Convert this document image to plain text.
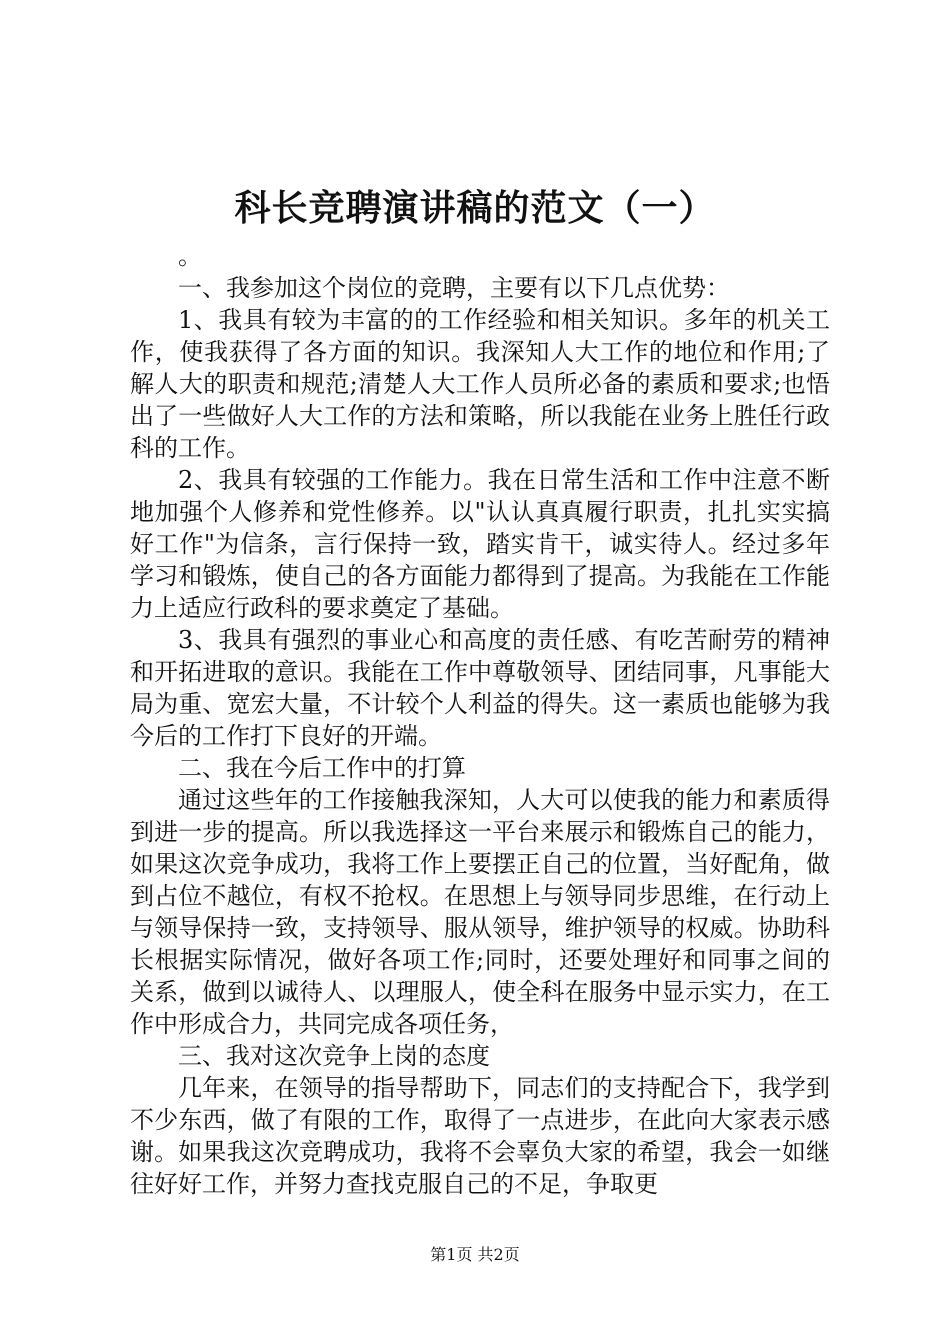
科长竞聘演讲稿的范文（一）

。

一、我参加这个岗位的竞聘，主要有以下几点优势：

1、我具有较为丰富的的工作经验和相关知识。多年的机关工作，使我获得了各方面的知识。我深知人大工作的地位和作用;了解人大的职责和规范;清楚人大工作人员所必备的素质和要求;也悟出了一些做好人大工作的方法和策略，所以我能在业务上胜任行政科的工作。

2、我具有较强的工作能力。我在日常生活和工作中注意不断地加强个人修养和党性修养。以"认认真真履行职责，扎扎实实搞好工作"为信条，言行保持一致，踏实肯干，诚实待人。经过多年学习和锻炼，使自己的各方面能力都得到了提高。为我能在工作能力上适应行政科的要求奠定了基础。

3、我具有强烈的事业心和高度的责任感、有吃苦耐劳的精神和开拓进取的意识。我能在工作中尊敬领导、团结同事，凡事能大局为重、宽宏大量，不计较个人利益的得失。这一素质也能够为我今后的工作打下良好的开端。

二、我在今后工作中的打算

通过这些年的工作接触我深知，人大可以使我的能力和素质得到进一步的提高。所以我选择这一平台来展示和锻炼自己的能力，如果这次竞争成功，我将工作上要摆正自己的位置，当好配角，做到占位不越位，有权不抢权。在思想上与领导同步思维，在行动上与领导保持一致，支持领导、服从领导，维护领导的权威。协助科长根据实际情况，做好各项工作;同时，还要处理好和同事之间的关系，做到以诚待人、以理服人，使全科在服务中显示实力，在工作中形成合力，共同完成各项任务，

三、我对这次竞争上岗的态度

几年来，在领导的指导帮助下，同志们的支持配合下，我学到不少东西，做了有限的工作，取得了一点进步，在此向大家表示感谢。如果我这次竞聘成功，我将不会辜负大家的希望，我会一如继往好好工作，并努力查找克服自己的不足，争取更

第1页 共2页
